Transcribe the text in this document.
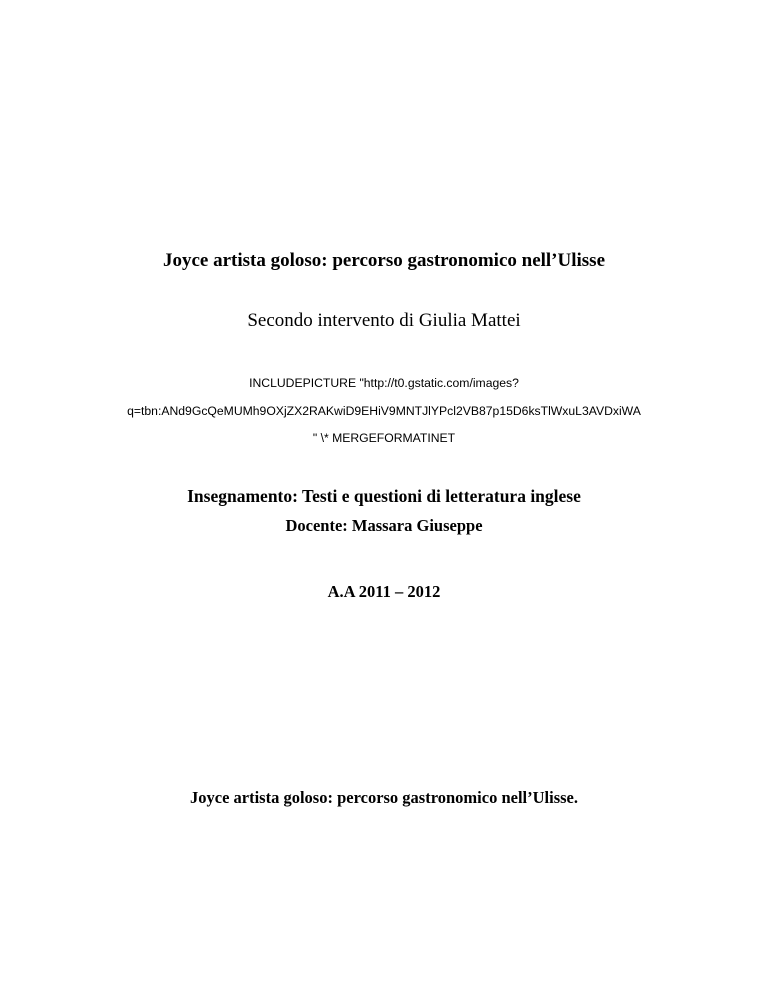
Joyce artista goloso: percorso gastronomico nell’Ulisse
Secondo intervento di Giulia Mattei
INCLUDEPICTURE "http://t0.gstatic.com/images?
q=tbn:ANd9GcQeMUMh9OXjZX2RAKwiD9EHiV9MNTJlYPcl2VB87p15D6ksTlWxuL3AVDxiWA
" \* MERGEFORMATINET
Insegnamento: Testi e questioni di letteratura inglese
Docente: Massara Giuseppe
A.A 2011 – 2012
Joyce artista goloso: percorso gastronomico nell’Ulisse.
